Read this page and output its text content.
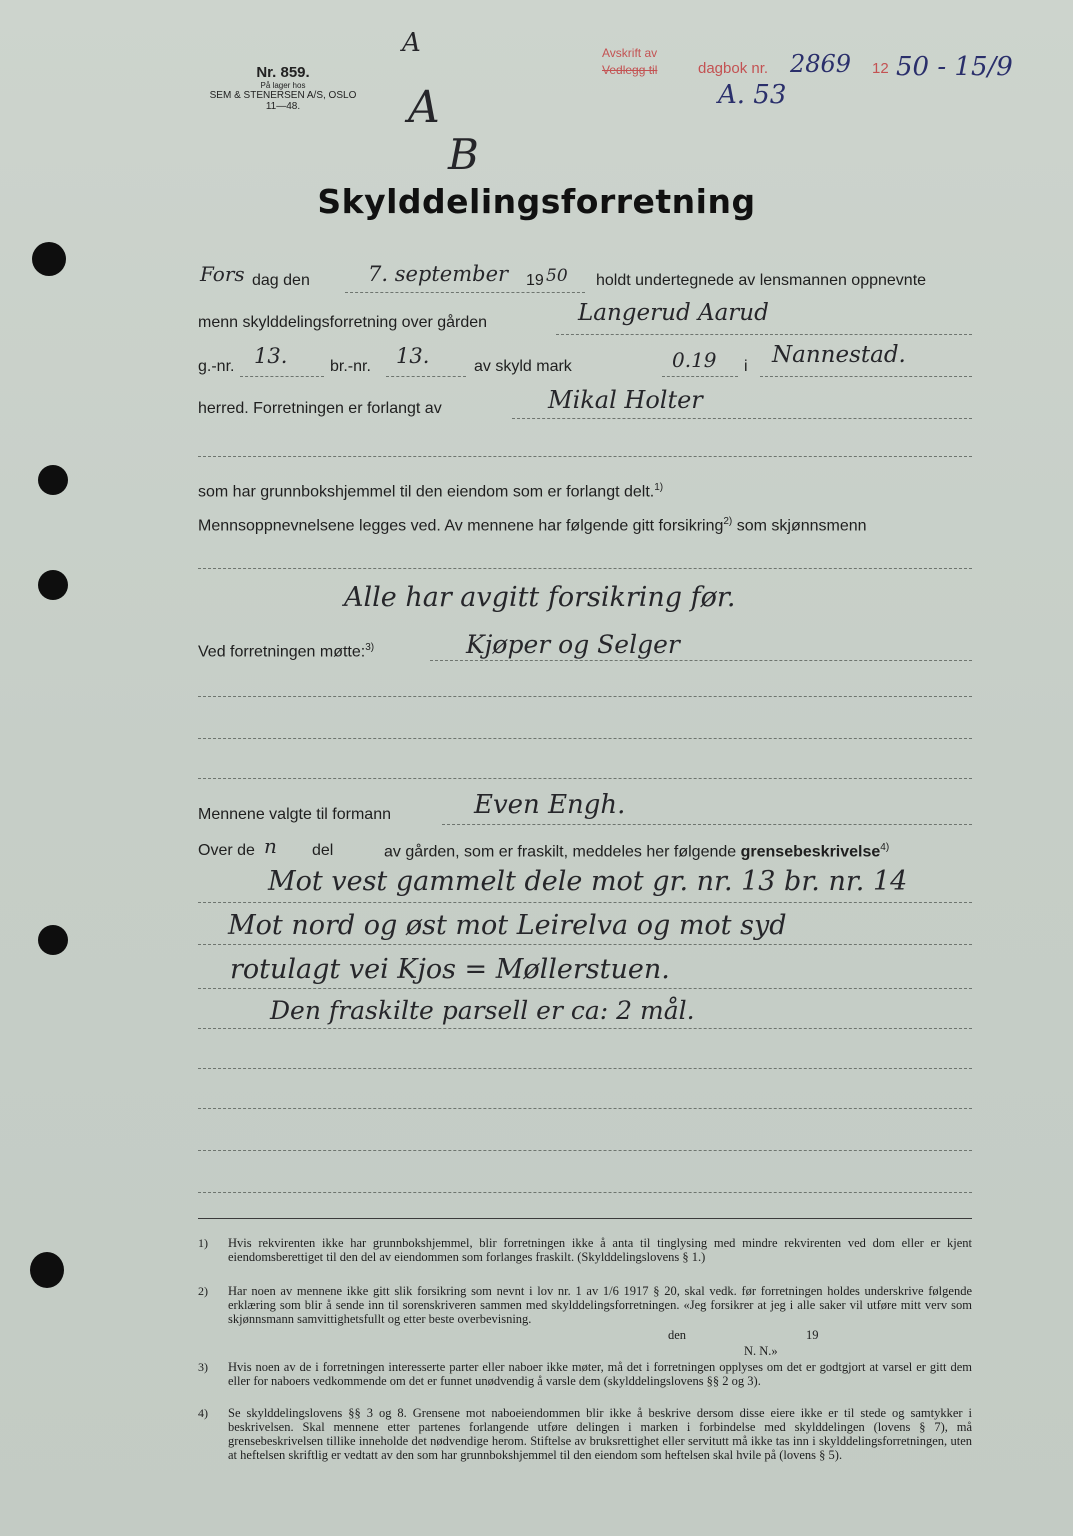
Nr. 859.
På lager hos
SEM & STENERSEN A/S, OSLO
11—48.
A
A
B
Avskrift av
Vedlegg til	dagbok nr. 2869 12 50 - 15/9
A. 53
Skylddelingsforretning
Fors dag den	7. september 19 50 holdt undertegnede av lensmannen oppnevnte
menn skylddelingsforretning over gården	Langerud Aarud
g.-nr. 13.	br.-nr. 13.	av skyld mark	0.19 i Nannestad.
herred. Forretningen er forlangt av	Mikal Holter
som har grunnbokshjemmel til den eiendom som er forlangt delt.$^{1)}$
Mennsoppnevnelsene legges ved. Av mennene har følgende gitt forsikring$^{2)}$ som skjønnsmenn
Alle har avgitt forsikring før.
Ved forretningen møtte:$^{3)}$	Kjøper og Selger
Mennene valgte til formann	Even Engh.
Over de n del	av gården, som er fraskilt, meddeles her følgende grensebeskrivelse$^{4)}$
Mot vest gammelt dele mot gr. nr. 13 br. nr. 14
Mot nord og øst mot Leirelva og mot syd
rotulagt vei Kjos = Møllerstuen.
Den fraskilte parsell er ca: 2 mål.
1) Hvis rekvirenten ikke har grunnbokshjemmel, blir forretningen ikke å anta til tinglysing med mindre rekvirenten ved dom eller er kjent eiendomsberettiget til den del av eiendommen som forlanges fraskilt. (Skylddelingslovens § 1.)
2) Har noen av mennene ikke gitt slik forsikring som nevnt i lov nr. 1 av 1/6 1917 § 20, skal vedk. før forretningen holdes underskrive følgende erklæring som blir å sende inn til sorenskriveren sammen med skylddelingsforretningen. «Jeg forsikrer at jeg i alle saker vil utføre mitt verv som skjønnsmann samvittighetsfullt og etter beste overbevisning.
den	19
N. N.»
3) Hvis noen av de i forretningen interesserte parter eller naboer ikke møter, må det i forretningen opplyses om det er godtgjort at varsel er gitt dem eller for naboers vedkommende om det er funnet unødvendig å varsle dem (skylddelingslovens §§ 2 og 3).
4) Se skylddelingslovens §§ 3 og 8. Grensene mot naboeiendommen blir ikke å beskrive dersom disse eiere ikke er til stede og samtykker i beskrivelsen. Skal mennene etter partenes forlangende utføre delingen i marken i forbindelse med skylddelingen (lovens § 7), må grensebeskrivelsen tillike inneholde det nødvendige herom. Stiftelse av bruksrettighet eller servitutt må ikke tas inn i skylddelingsforretningen, uten at heftelsen skriftlig er vedtatt av den som har grunnbokshjemmel til den eiendom som heftelsen skal hvile på (lovens § 5).
